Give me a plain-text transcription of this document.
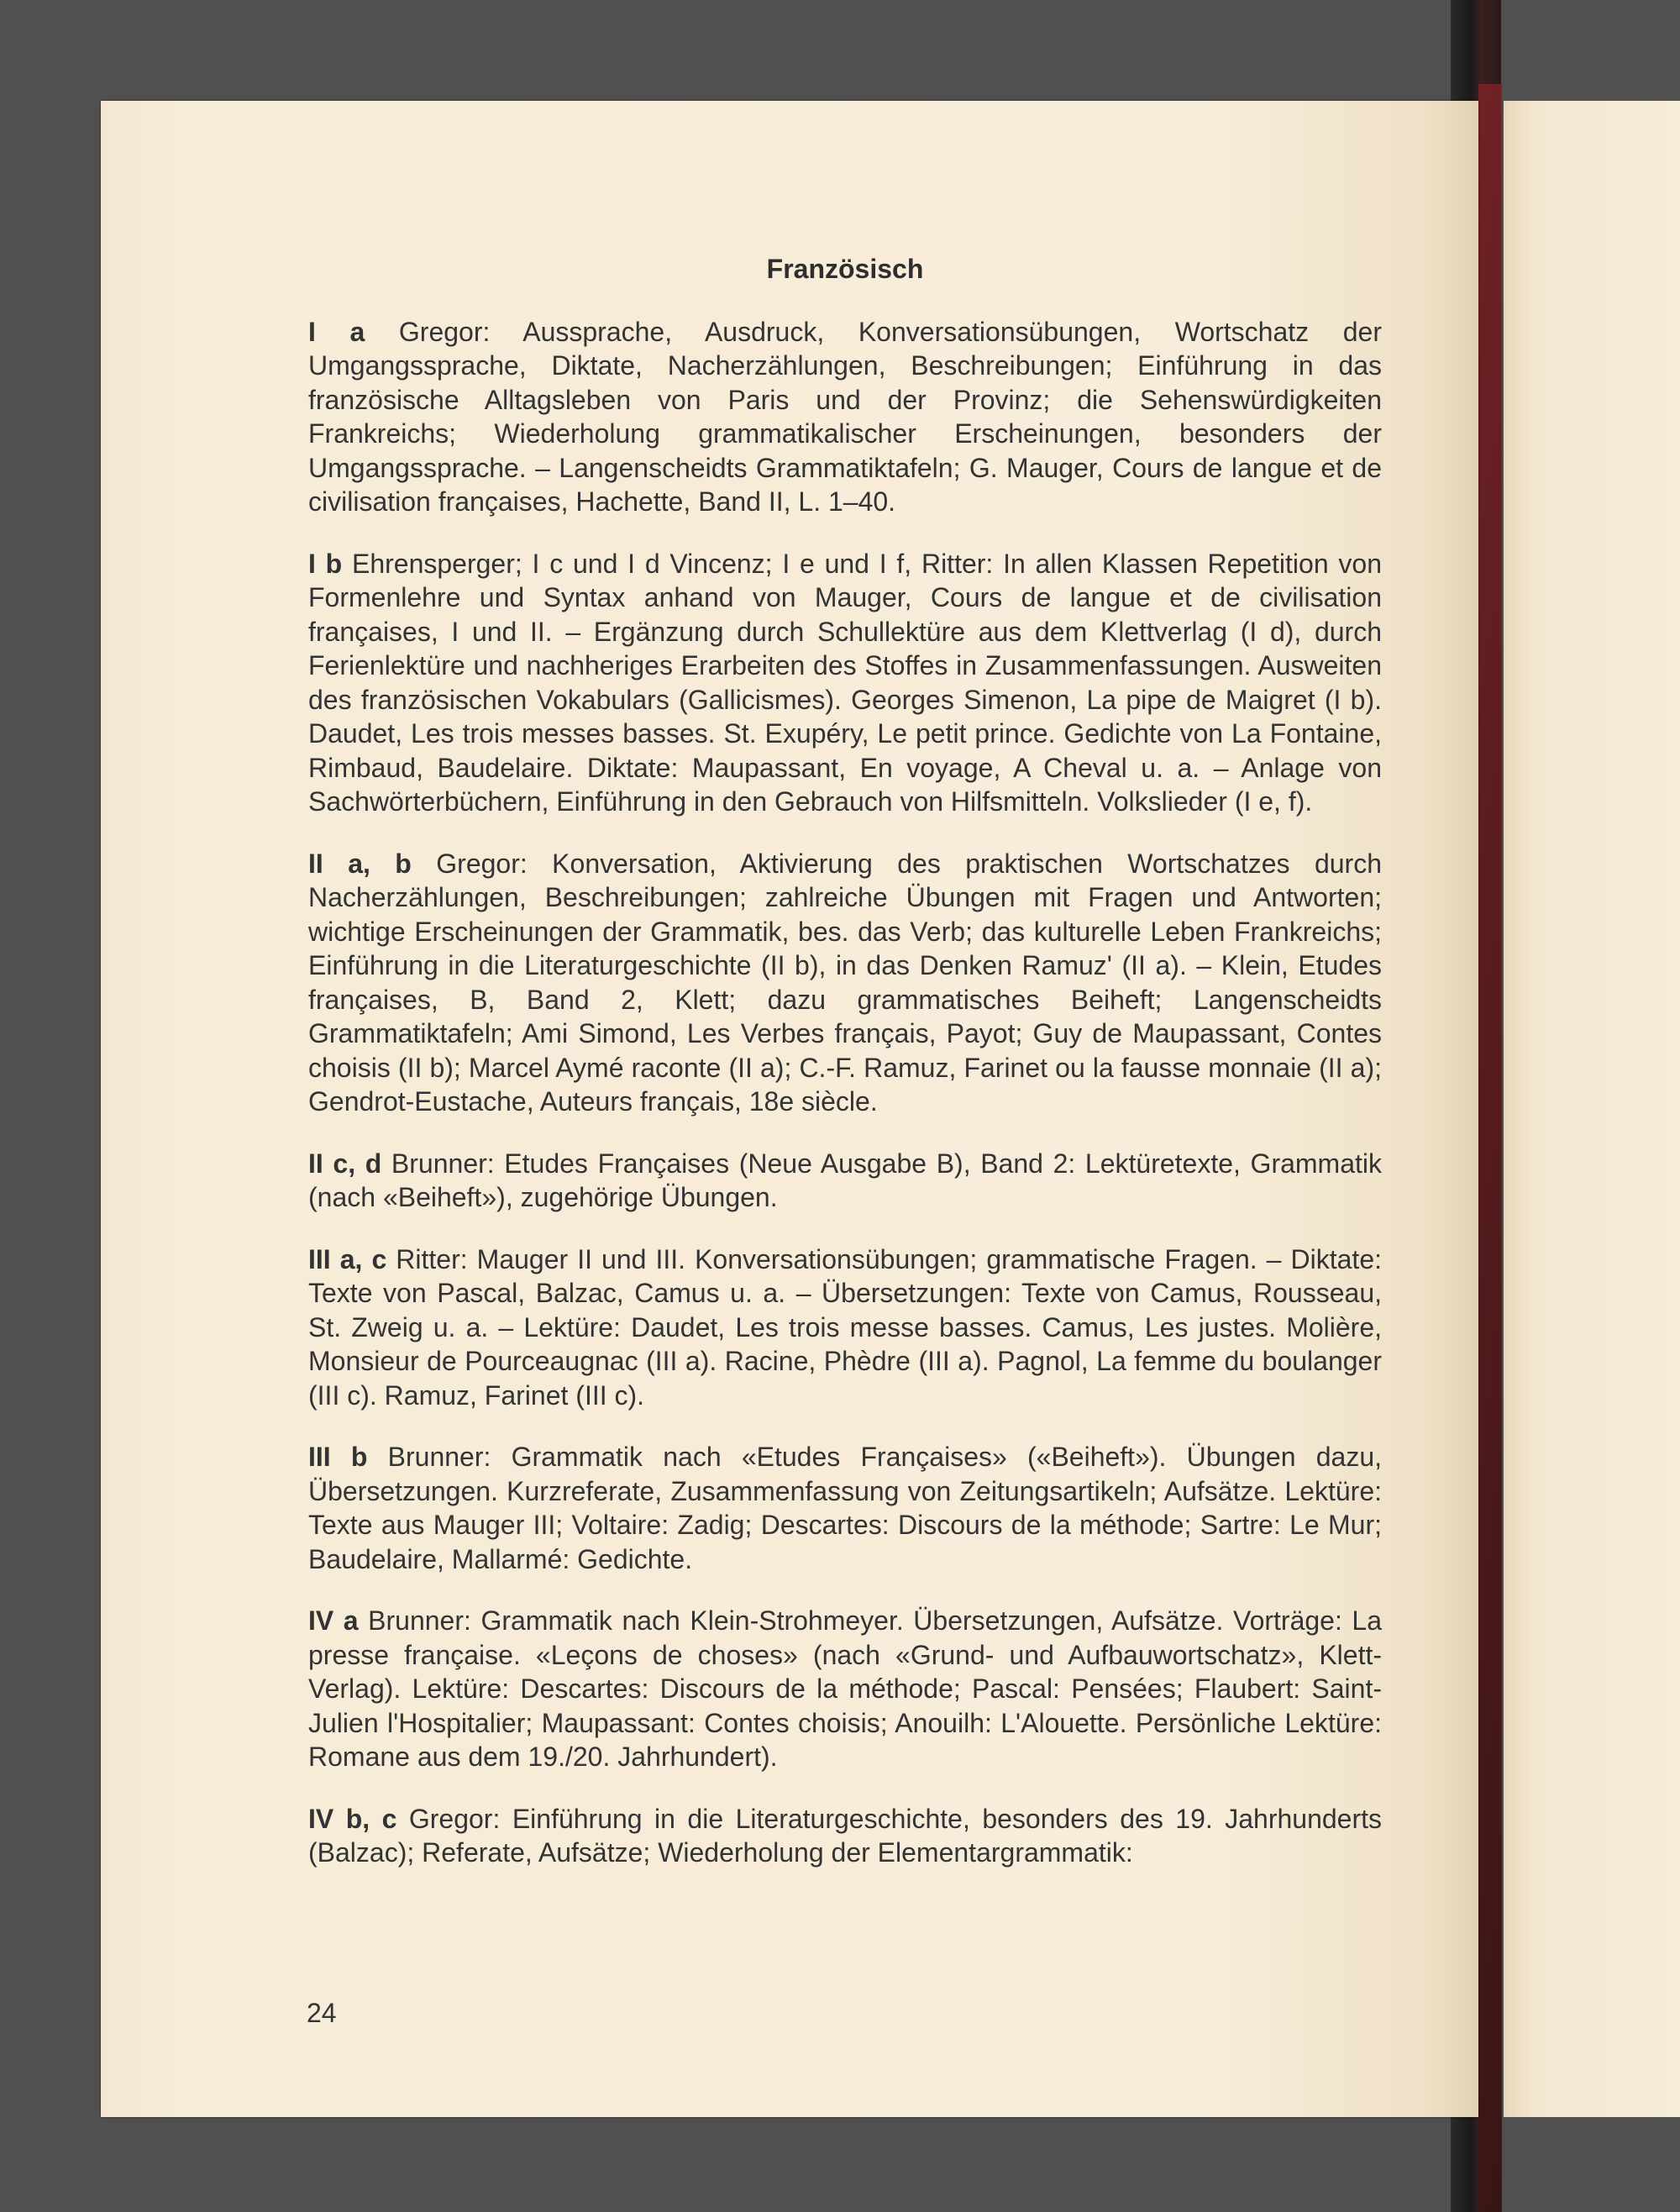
Französisch

I a Gregor: Aussprache, Ausdruck, Konversationsübungen, Wortschatz der Umgangssprache, Diktate, Nacherzählungen, Beschreibungen; Einführung in das französische Alltagsleben von Paris und der Provinz; die Sehenswürdigkeiten Frankreichs; Wiederholung grammatikalischer Erscheinungen, besonders der Umgangssprache. – Langenscheidts Grammatiktafeln; G. Mauger, Cours de langue et de civilisation françaises, Hachette, Band II, L. 1–40.

I b Ehrensperger; I c und I d Vincenz; I e und I f, Ritter: In allen Klassen Repetition von Formenlehre und Syntax anhand von Mauger, Cours de langue et de civilisation françaises, I und II. – Ergänzung durch Schullektüre aus dem Klettverlag (I d), durch Ferienlektüre und nachheriges Erarbeiten des Stoffes in Zusammenfassungen. Ausweiten des französischen Vokabulars (Gallicismes). Georges Simenon, La pipe de Maigret (I b). Daudet, Les trois messes basses. St. Exupéry, Le petit prince. Gedichte von La Fontaine, Rimbaud, Baudelaire. Diktate: Maupassant, En voyage, A Cheval u. a. – Anlage von Sachwörterbüchern, Einführung in den Gebrauch von Hilfsmitteln. Volkslieder (I e, f).

II a, b Gregor: Konversation, Aktivierung des praktischen Wortschatzes durch Nacherzählungen, Beschreibungen; zahlreiche Übungen mit Fragen und Antworten; wichtige Erscheinungen der Grammatik, bes. das Verb; das kulturelle Leben Frankreichs; Einführung in die Literaturgeschichte (II b), in das Denken Ramuz' (II a). – Klein, Etudes françaises, B, Band 2, Klett; dazu grammatisches Beiheft; Langenscheidts Grammatiktafeln; Ami Simond, Les Verbes français, Payot; Guy de Maupassant, Contes choisis (II b); Marcel Aymé raconte (II a); C.-F. Ramuz, Farinet ou la fausse monnaie (II a); Gendrot-Eustache, Auteurs français, 18e siècle.

II c, d Brunner: Etudes Françaises (Neue Ausgabe B), Band 2: Lektüretexte, Grammatik (nach «Beiheft»), zugehörige Übungen.

III a, c Ritter: Mauger II und III. Konversationsübungen; grammatische Fragen. – Diktate: Texte von Pascal, Balzac, Camus u. a. – Übersetzungen: Texte von Camus, Rousseau, St. Zweig u. a. – Lektüre: Daudet, Les trois messe basses. Camus, Les justes. Molière, Monsieur de Pourceaugnac (III a). Racine, Phèdre (III a). Pagnol, La femme du boulanger (III c). Ramuz, Farinet (III c).

III b Brunner: Grammatik nach «Etudes Françaises» («Beiheft»). Übungen dazu, Übersetzungen. Kurzreferate, Zusammenfassung von Zeitungsartikeln; Aufsätze. Lektüre: Texte aus Mauger III; Voltaire: Zadig; Descartes: Discours de la méthode; Sartre: Le Mur; Baudelaire, Mallarmé: Gedichte.

IV a Brunner: Grammatik nach Klein-Strohmeyer. Übersetzungen, Aufsätze. Vorträge: La presse française. «Leçons de choses» (nach «Grund- und Aufbauwortschatz», Klett-Verlag). Lektüre: Descartes: Discours de la méthode; Pascal: Pensées; Flaubert: Saint-Julien l'Hospitalier; Maupassant: Contes choisis; Anouilh: L'Alouette. Persönliche Lektüre: Romane aus dem 19./20. Jahrhundert).

IV b, c Gregor: Einführung in die Literaturgeschichte, besonders des 19. Jahrhunderts (Balzac); Referate, Aufsätze; Wiederholung der Elementargrammatik:

24
